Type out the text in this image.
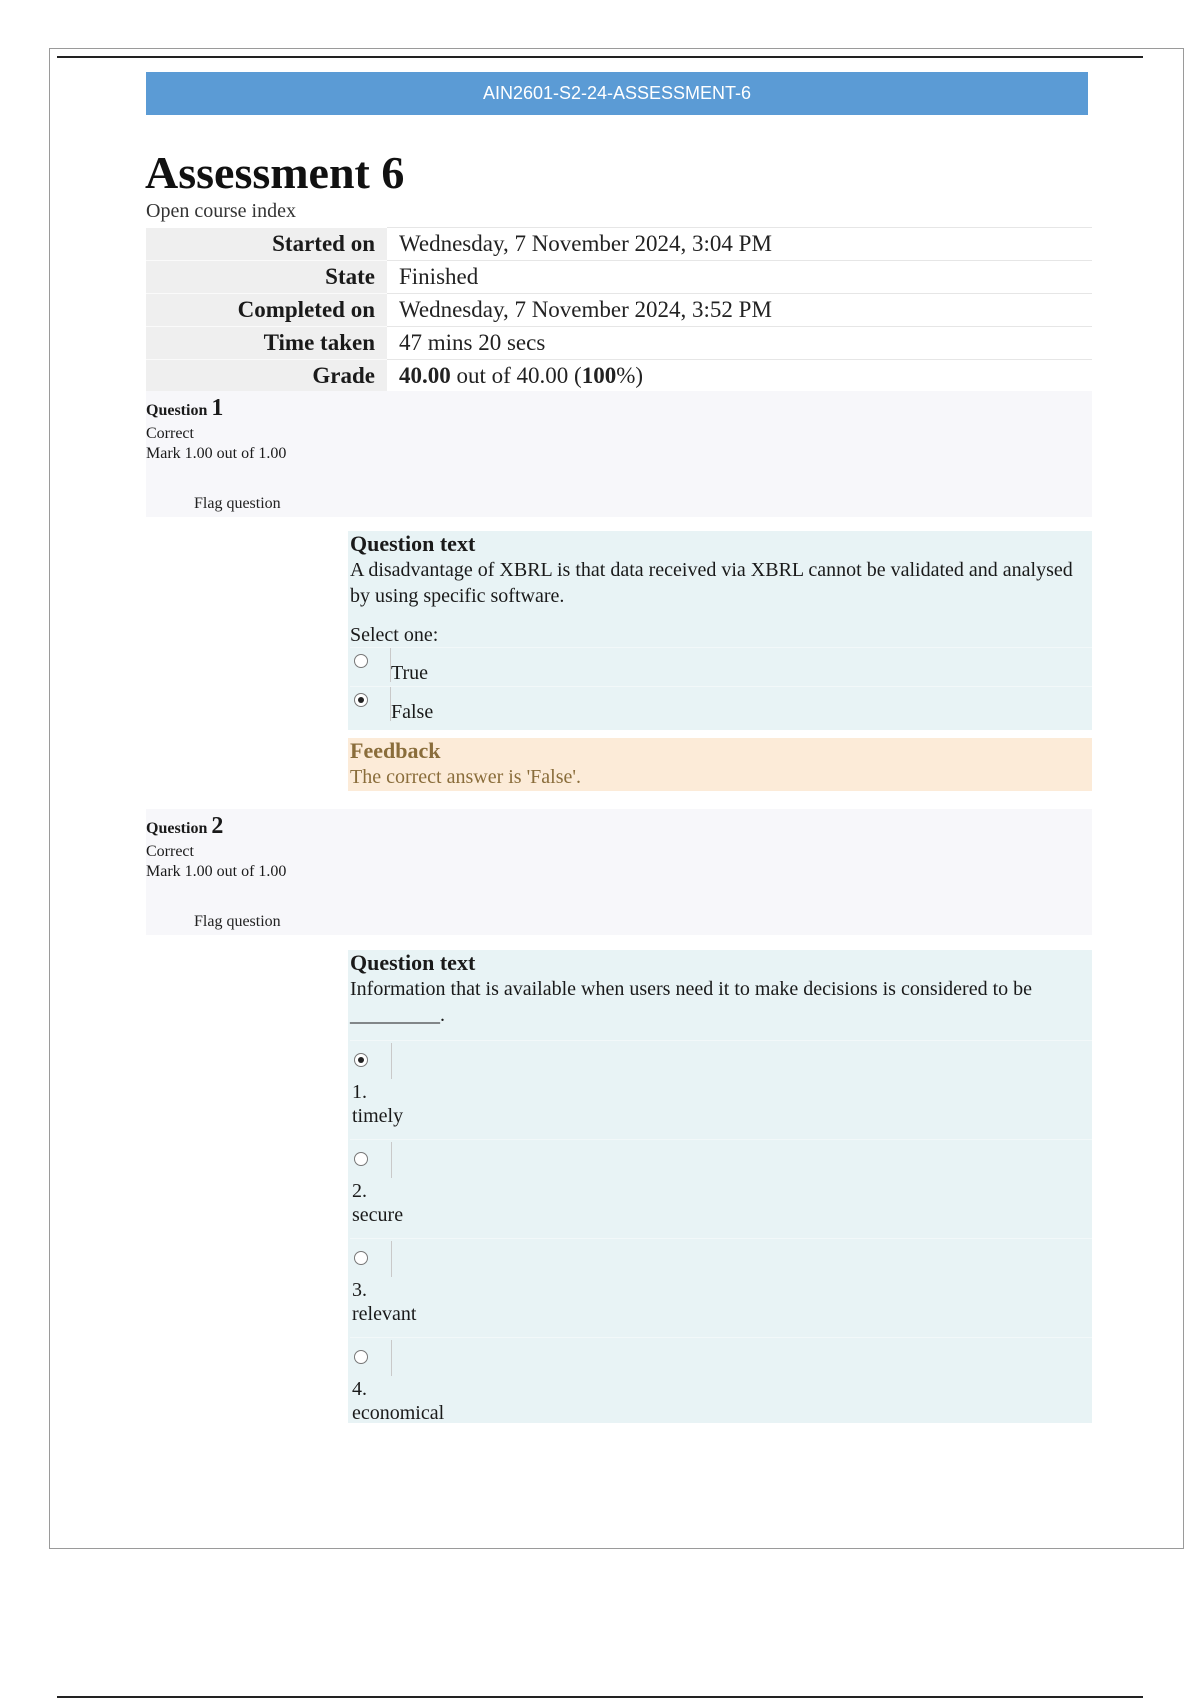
AIN2601-S2-24-ASSESSMENT-6
Assessment 6
Open course index
Started on	Wednesday, 7 November 2024, 3:04 PM
State	Finished
Completed on	Wednesday, 7 November 2024, 3:52 PM
Time taken	47 mins 20 secs
Grade	40.00 out of 40.00 (100%)
Question 1
Correct
Mark 1.00 out of 1.00
Flag question
Question text

A disadvantage of XBRL is that data received via XBRL cannot be validated and analysed by using specific software.

Select one:
True
False
Feedback
The correct answer is 'False'.
Question 2
Correct
Mark 1.00 out of 1.00
Flag question
Question text

Information that is available when users need it to make decisions is considered to be _________.

1.
timely
2.
secure
3.
relevant
4.
economical
